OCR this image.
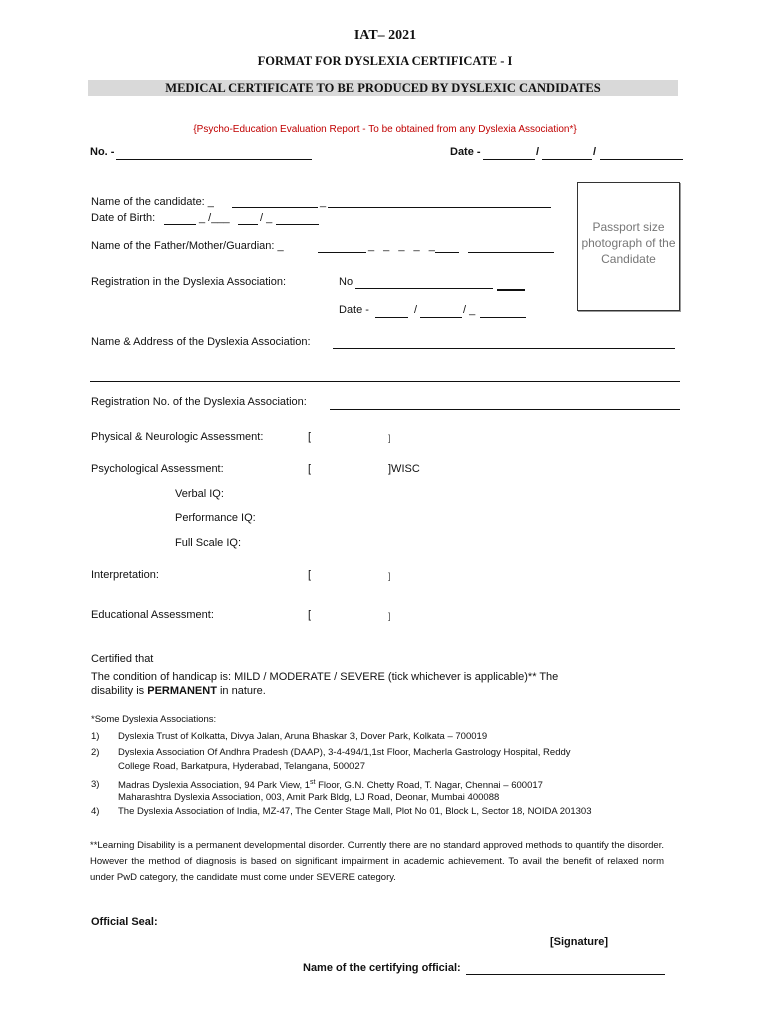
IAT– 2021
FORMAT FOR DYSLEXIA CERTIFICATE - I
MEDICAL CERTIFICATE TO BE PRODUCED BY DYSLEXIC CANDIDATES
{Psycho-Education Evaluation Report - To be obtained from any Dyslexia Association*}
No. -	Date -	/	/
Passport size photograph of the Candidate
Name of the candidate: _	_
Date of Birth:	_ /___	/ _
Name of the Father/Mother/Guardian: _	_ _ _ _ _
Registration in the Dyslexia Association:	No
Date -	/	/ _
Name & Address of the Dyslexia Association:
Registration No. of the Dyslexia Association:
Physical & Neurologic Assessment:	[	]
Psychological Assessment:	[	]WISC
Verbal IQ:
Performance IQ:
Full Scale IQ:
Interpretation:	[	]
Educational Assessment:	[	]
Certified that
The condition of handicap is: MILD / MODERATE / SEVERE (tick whichever is applicable)** The
disability is PERMANENT in nature.
*Some Dyslexia Associations:
1) Dyslexia Trust of Kolkatta, Divya Jalan, Aruna Bhaskar 3, Dover Park, Kolkata – 700019
2) Dyslexia Association Of Andhra Pradesh (DAAP), 3-4-494/1,1st Floor, Macherla Gastrology Hospital, Reddy
College Road, Barkatpura, Hyderabad, Telangana, 500027
3) Madras Dyslexia Association, 94 Park View, 1st Floor, G.N. Chetty Road, T. Nagar, Chennai – 600017
Maharashtra Dyslexia Association, 003, Amit Park Bldg, LJ Road, Deonar, Mumbai 400088
4) The Dyslexia Association of India, MZ-47, The Center Stage Mall, Plot No 01, Block L, Sector 18, NOIDA 201303
**Learning Disability is a permanent developmental disorder. Currently there are no standard approved methods to quantify the disorder. However the method of diagnosis is based on significant impairment in academic achievement. To avail the benefit of relaxed norm under PwD category, the candidate must come under SEVERE category.
Official Seal:
[Signature]
Name of the certifying official:
